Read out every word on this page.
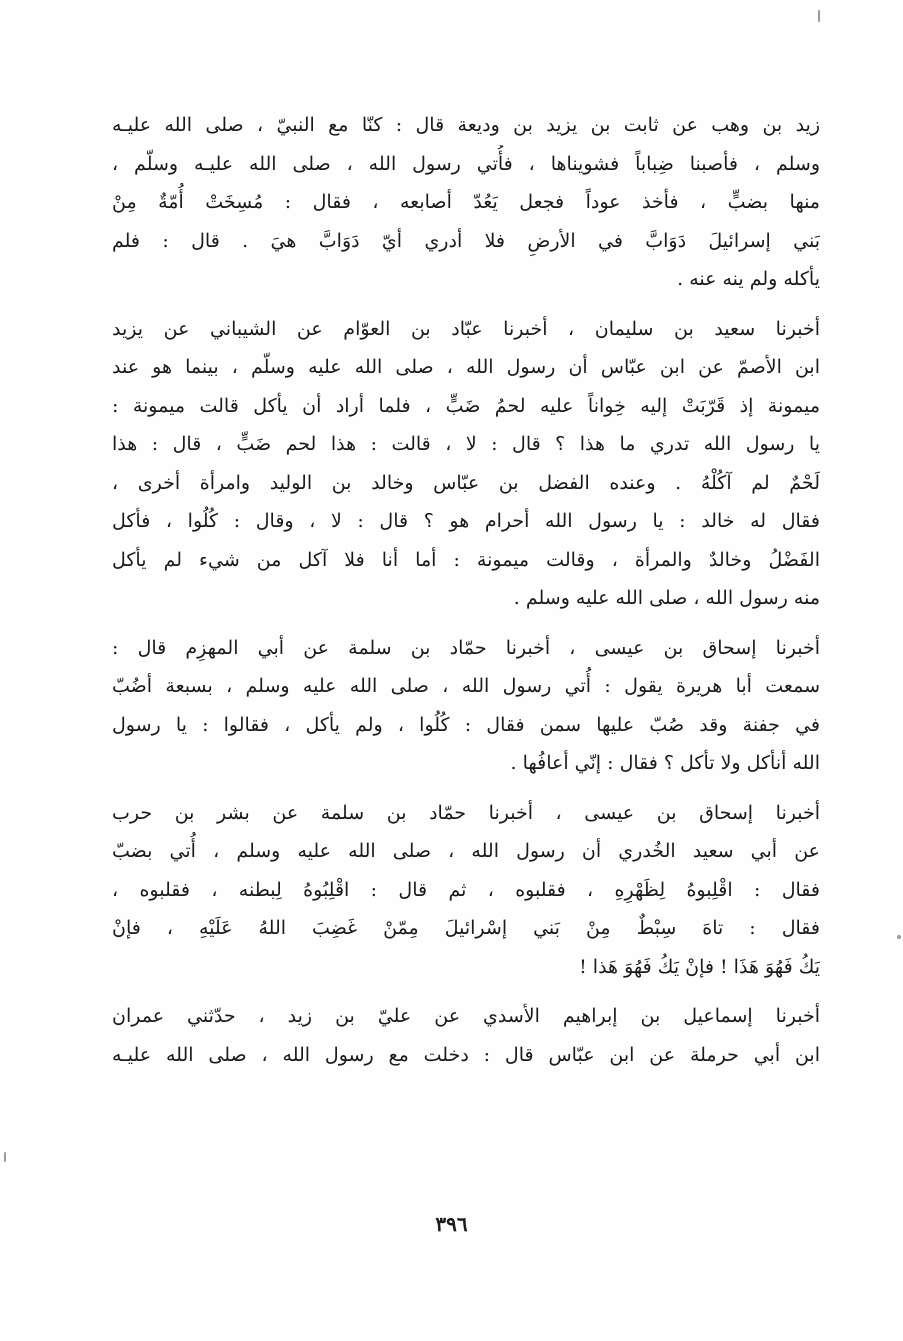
زيد بن وهب عن ثابت بن يزيد بن وديعة قال : كنّا مع النبيّ ، صلى الله عليـه
وسلم ، فأصبنا ضِباباً فشويناها ، فأُتي رسول الله ، صلى الله عليـه وسلّم ،
منها بضبٍّ ، فأخذ عوداً فجعل يَعُدّ أصابعه ، فقال : مُسِخَتْ أُمّةٌ مِنْ
بَني إسرائيلَ دَوَابَّ في الأرضِ فلا أدري أيّ دَوَابَّ هيَ . قال : فلم
يأكله ولم ينه عنه .
أخبرنا سعيد بن سليمان ، أخبرنا عبّاد بن العوّام عن الشيباني عن يزيد
ابن الأصمّ عن ابن عبّاس أن رسول الله ، صلى الله عليه وسلّم ، بينما هو عند
ميمونة إذ قَرّبَتْ إليه خِواناً عليه لحمُ ضَبٍّ ، فلما أراد أن يأكل قالت ميمونة :
يا رسول الله تدري ما هذا ؟ قال : لا ، قالت : هذا لحم ضَبٍّ ، قال : هذا
لَحْمٌ لم آكُلْهُ . وعنده الفضل بن عبّاس وخالد بن الوليد وامرأة أخرى ،
فقال له خالد : يا رسول الله أحرام هو ؟ قال : لا ، وقال : كُلُوا ، فأكل
الفَضْلُ وخالدٌ والمرأة ، وقالت ميمونة : أما أنا فلا آكل من شيء لم يأكل
منه رسول الله ، صلى الله عليه وسلم .
أخبرنا إسحاق بن عيسى ، أخبرنا حمّاد بن سلمة عن أبي المهزِم قال :
سمعت أبا هريرة يقول : أُتي رسول الله ، صلى الله عليه وسلم ، بسبعة أضُبّ
في جفنة وقد صُبّ عليها سمن فقال : كُلُوا ، ولم يأكل ، فقالوا : يا رسول
الله أنأكل ولا تأكل ؟ فقال : إنّي أعافُها .
أخبرنا إسحاق بن عيسى ، أخبرنا حمّاد بن سلمة عن بشر بن حرب
عن أبي سعيد الخُدري أن رسول الله ، صلى الله عليه وسلم ، أُتي بضبّ
فقال : اقْلِبوهُ لِظَهْرِهِ ، فقلبوه ، ثم قال : اقْلِبُوهُ لِبطنه ، فقلبوه ،
فقال : تاهَ سِبْطٌ مِنْ بَني إسْرائيلَ مِمّنْ غَضِبَ اللهُ عَلَيْهِ ، فإنْ
يَكُ فَهُوَ هَذَا ! فإنْ يَكُ فَهُوَ هَذا !
أخبرنا إسماعيل بن إبراهيم الأسدي عن عليّ بن زيد ، حدّثني عمران
ابن أبي حرملة عن ابن عبّاس قال : دخلت مع رسول الله ، صلى الله عليـه
٣٩٦
